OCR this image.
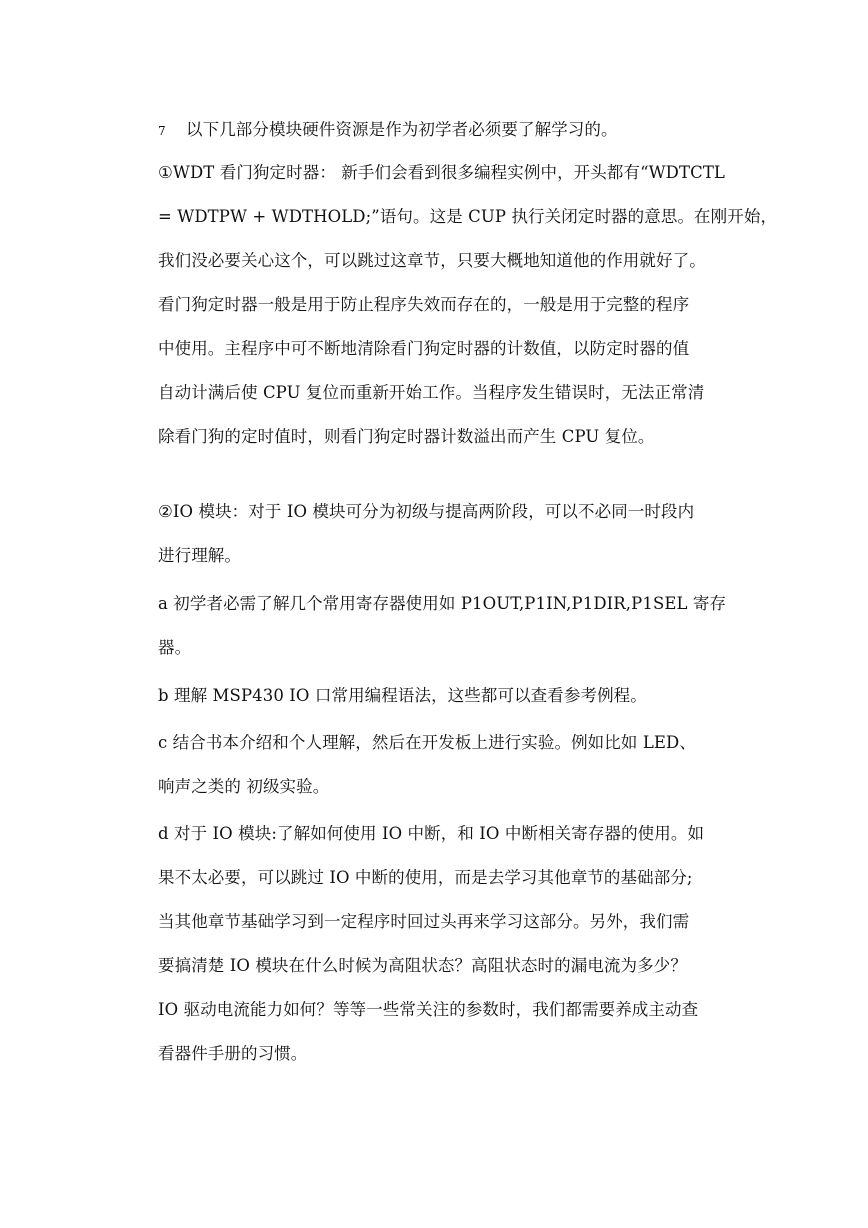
7 以下几部分模块硬件资源是作为初学者必须要了解学习的。
①WDT 看门狗定时器： 新手们会看到很多编程实例中，开头都有“WDTCTL
= WDTPW + WDTHOLD;”语句。这是 CUP 执行关闭定时器的意思。在刚开始，
我们没必要关心这个，可以跳过这章节，只要大概地知道他的作用就好了。
看门狗定时器一般是用于防止程序失效而存在的，一般是用于完整的程序
中使用。主程序中可不断地清除看门狗定时器的计数值，以防定时器的值
自动计满后使 CPU 复位而重新开始工作。当程序发生错误时，无法正常清
除看门狗的定时值时，则看门狗定时器计数溢出而产生 CPU 复位。
②IO 模块：对于 IO 模块可分为初级与提高两阶段，可以不必同一时段内
进行理解。
a 初学者必需了解几个常用寄存器使用如 P1OUT,P1IN,P1DIR,P1SEL 寄存
器。
b 理解 MSP430 IO 口常用编程语法，这些都可以查看参考例程。
c 结合书本介绍和个人理解，然后在开发板上进行实验。例如比如 LED、
响声之类的 初级实验。
d 对于 IO 模块:了解如何使用 IO 中断，和 IO 中断相关寄存器的使用。如
果不太必要，可以跳过 IO 中断的使用，而是去学习其他章节的基础部分;
当其他章节基础学习到一定程序时回过头再来学习这部分。另外，我们需
要搞清楚 IO 模块在什么时候为高阻状态？高阻状态时的漏电流为多少？
IO 驱动电流能力如何？等等一些常关注的参数时，我们都需要养成主动查
看器件手册的习惯。
